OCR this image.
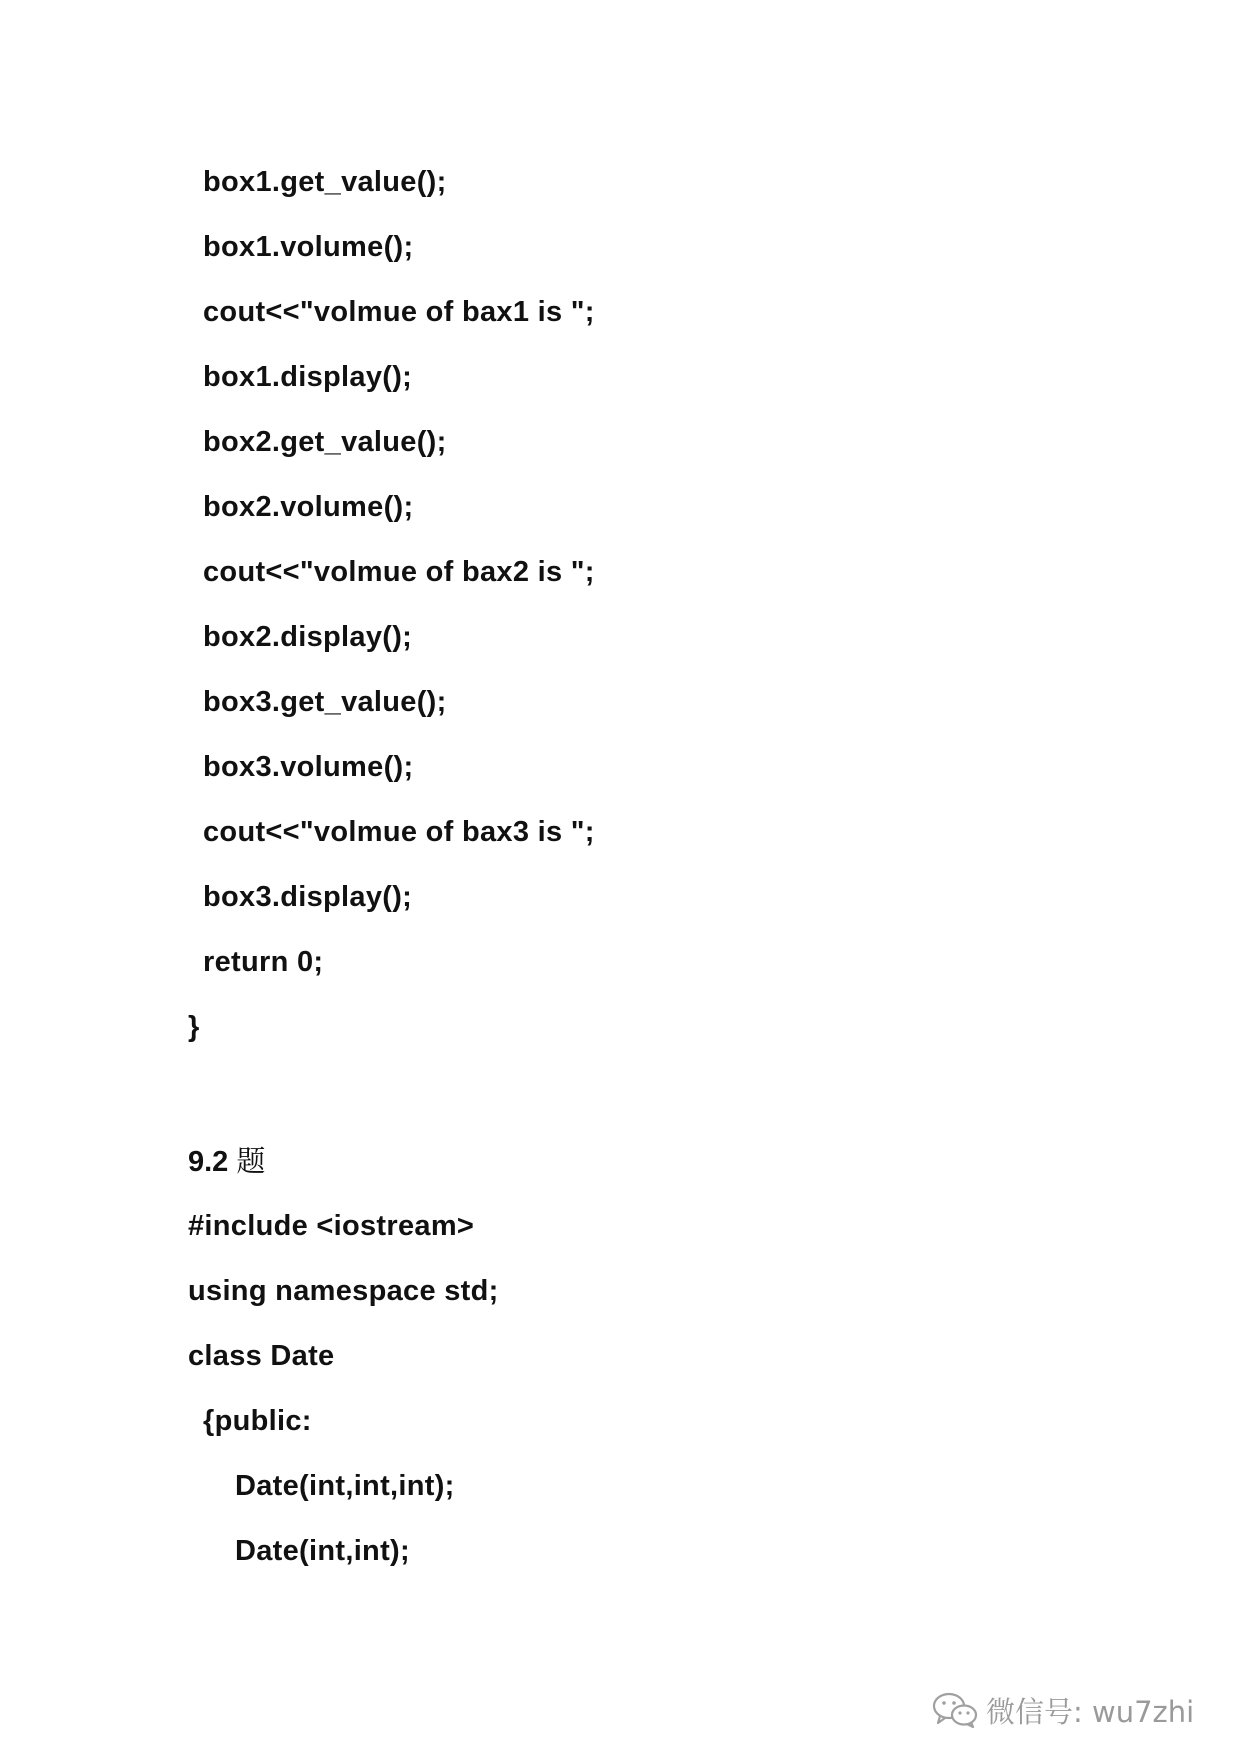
box1.get_value();
box1.volume();
cout<<"volmue of bax1 is ";
box1.display();
box2.get_value();
box2.volume();
cout<<"volmue of bax2 is ";
box2.display();
box3.get_value();
box3.volume();
cout<<"volmue of bax3 is ";
box3.display();
return 0;
}
9.2 题
#include <iostream>
using namespace std;
class Date
{public:
Date(int,int,int);
Date(int,int);
微信号: wu7zhi
